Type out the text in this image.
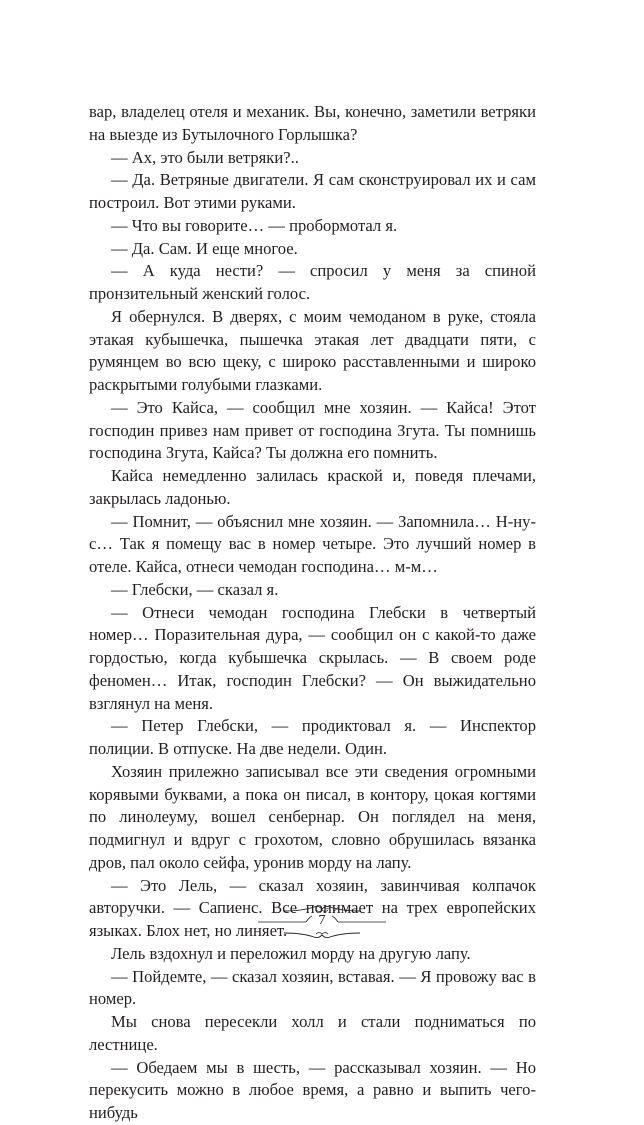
вар, владелец отеля и механик. Вы, конечно, заметили ветряки на выезде из Бутылочного Горлышка?

— Ах, это были ветряки?..

— Да. Ветряные двигатели. Я сам сконструировал их и сам построил. Вот этими руками.

— Что вы говорите… — пробормотал я.

— Да. Сам. И еще многое.

— А куда нести? — спросил у меня за спиной пронзительный женский голос.

Я обернулся. В дверях, с моим чемоданом в руке, стояла этакая кубышечка, пышечка этакая лет двадцати пяти, с румянцем во всю щеку, с широко расставленными и широко раскрытыми голубыми глазками.

— Это Кайса, — сообщил мне хозяин. — Кайса! Этот господин привез нам привет от господина Згута. Ты помнишь господина Згута, Кайса? Ты должна его помнить.

Кайса немедленно залилась краской и, поведя плечами, закрылась ладонью.

— Помнит, — объяснил мне хозяин. — Запомнила… Н-ну-с… Так я помещу вас в номер четыре. Это лучший номер в отеле. Кайса, отнеси чемодан господина… м-м…

— Глебски, — сказал я.

— Отнеси чемодан господина Глебски в четвертый номер… Поразительная дура, — сообщил он с какой-то даже гордостью, когда кубышечка скрылась. — В своем роде феномен… Итак, господин Глебски? — Он выжидательно взглянул на меня.

— Петер Глебски, — продиктовал я. — Инспектор полиции. В отпуске. На две недели. Один.

Хозяин прилежно записывал все эти сведения огромными корявыми буквами, а пока он писал, в контору, цокая когтями по линолеуму, вошел сенбернар. Он поглядел на меня, подмигнул и вдруг с грохотом, словно обрушилась вязанка дров, пал около сейфа, уронив морду на лапу.

— Это Лель, — сказал хозяин, завинчивая колпачок авторучки. — Сапиенс. Все понимает на трех европейских языках. Блох нет, но линяет.

Лель вздохнул и переложил морду на другую лапу.

— Пойдемте, — сказал хозяин, вставая. — Я провожу вас в номер.

Мы снова пересекли холл и стали подниматься по лестнице.

— Обедаем мы в шесть, — рассказывал хозяин. — Но перекусить можно в любое время, а равно и выпить чего-нибудь

7
